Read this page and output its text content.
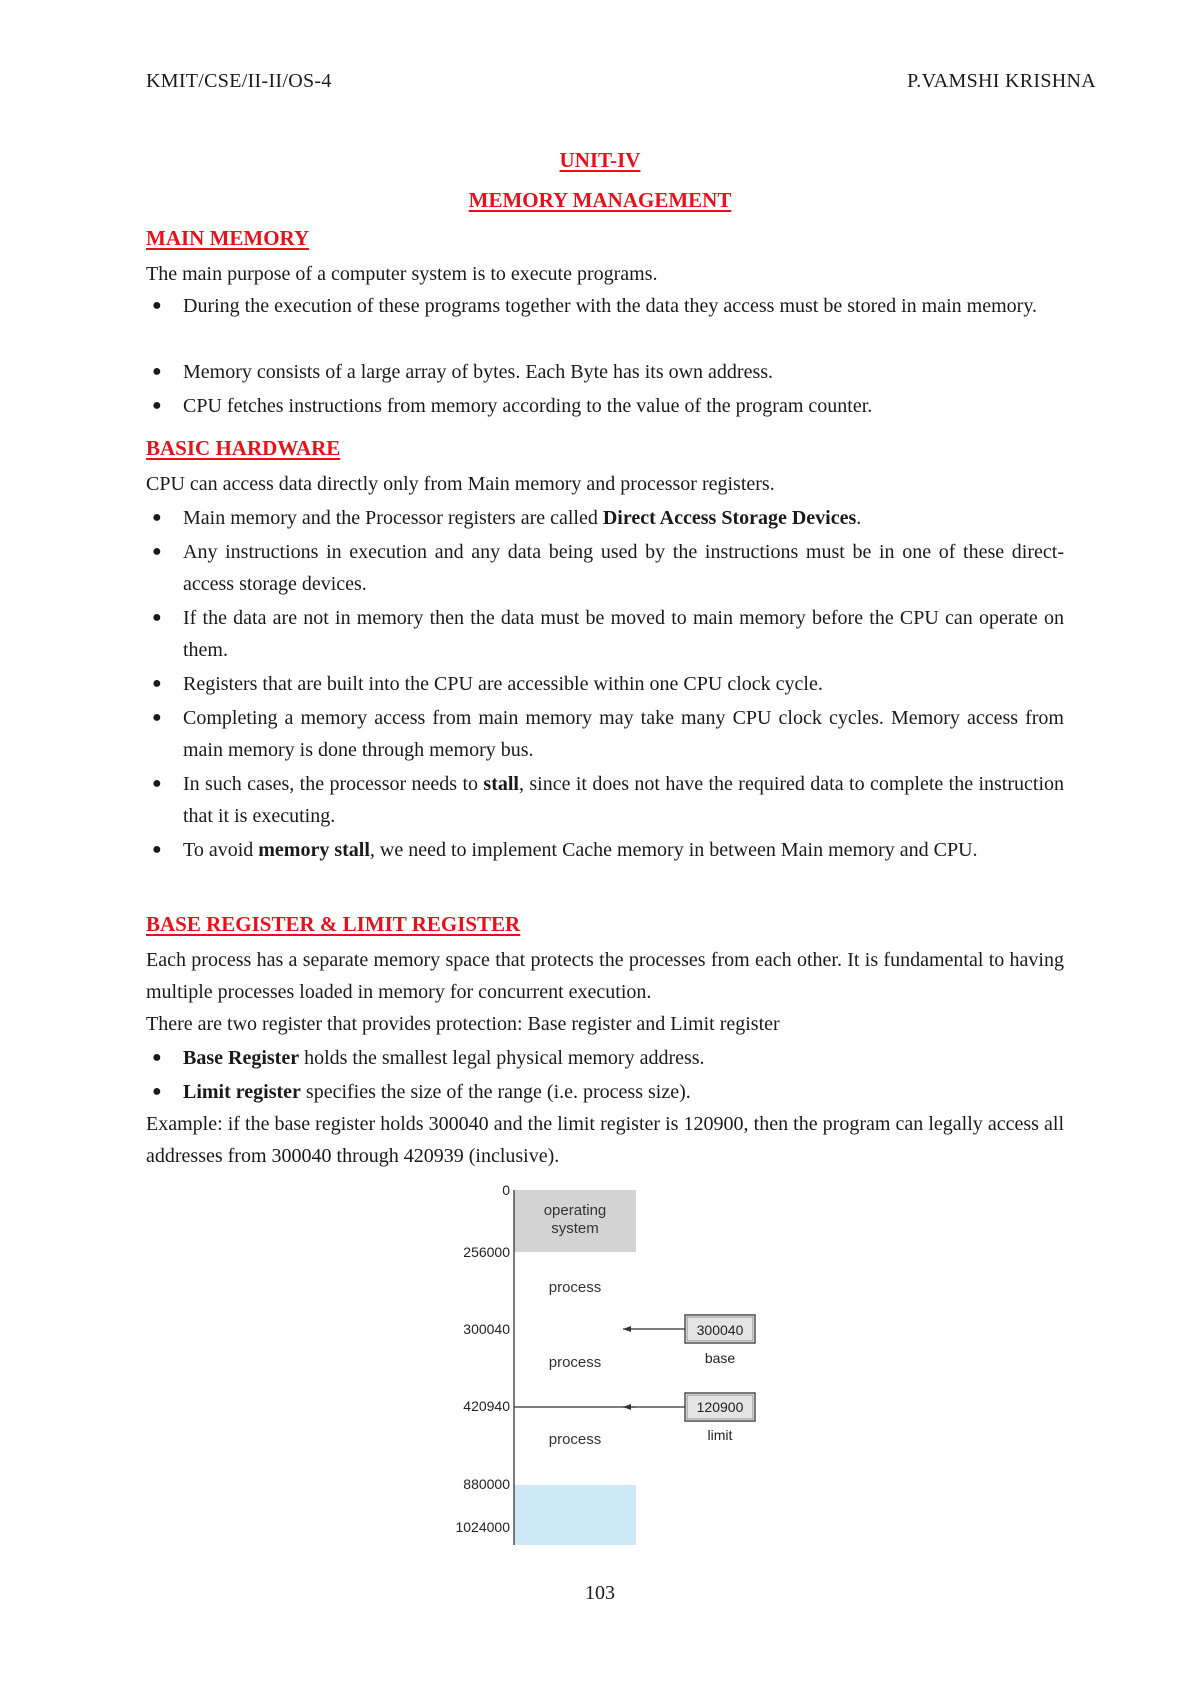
KMIT/CSE/II-II/OS-4	P.VAMSHI KRISHNA
UNIT-IV
MEMORY MANAGEMENT
MAIN MEMORY
The main purpose of a computer system is to execute programs.
● During the execution of these programs together with the data they access must be stored in main memory.
● Memory consists of a large array of bytes. Each Byte has its own address.
● CPU fetches instructions from memory according to the value of the program counter.
BASIC HARDWARE
CPU can access data directly only from Main memory and processor registers.
● Main memory and the Processor registers are called Direct Access Storage Devices.
● Any instructions in execution and any data being used by the instructions must be in one of these direct-access storage devices.
● If the data are not in memory then the data must be moved to main memory before the CPU can operate on them.
● Registers that are built into the CPU are accessible within one CPU clock cycle.
● Completing a memory access from main memory may take many CPU clock cycles. Memory access from main memory is done through memory bus.
● In such cases, the processor needs to stall, since it does not have the required data to complete the instruction that it is executing.
● To avoid memory stall, we need to implement Cache memory in between Main memory and CPU.
BASE REGISTER & LIMIT REGISTER
Each process has a separate memory space that protects the processes from each other. It is fundamental to having multiple processes loaded in memory for concurrent execution.
There are two register that provides protection: Base register and Limit register
● Base Register holds the smallest legal physical memory address.
● Limit register specifies the size of the range (i.e. process size).
Example: if the base register holds 300040 and the limit register is 120900, then the program can legally access all addresses from 300040 through 420939 (inclusive).
0
256000
300040
420940
880000
1024000
operating
system
process
process
process
300040
base
120900
limit
103
